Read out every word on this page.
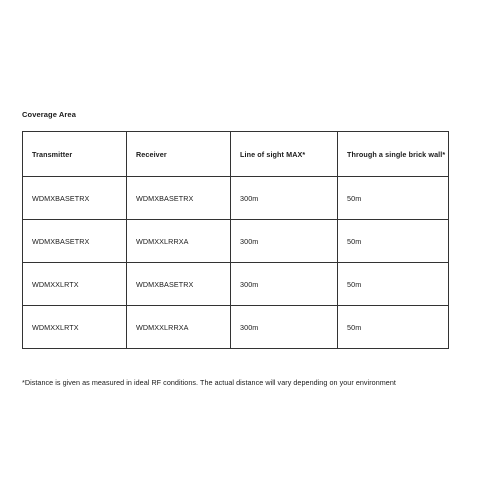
Coverage Area
Transmitter	Receiver	Line of sight MAX*	Through a single brick wall*
WDMXBASETRX	WDMXBASETRX	300m	50m
WDMXBASETRX	WDMXXLRRXA	300m	50m
WDMXXLRTX	WDMXBASETRX	300m	50m
WDMXXLRTX	WDMXXLRRXA	300m	50m
*Distance is given as measured in ideal RF conditions. The actual distance will vary depending on your environment
